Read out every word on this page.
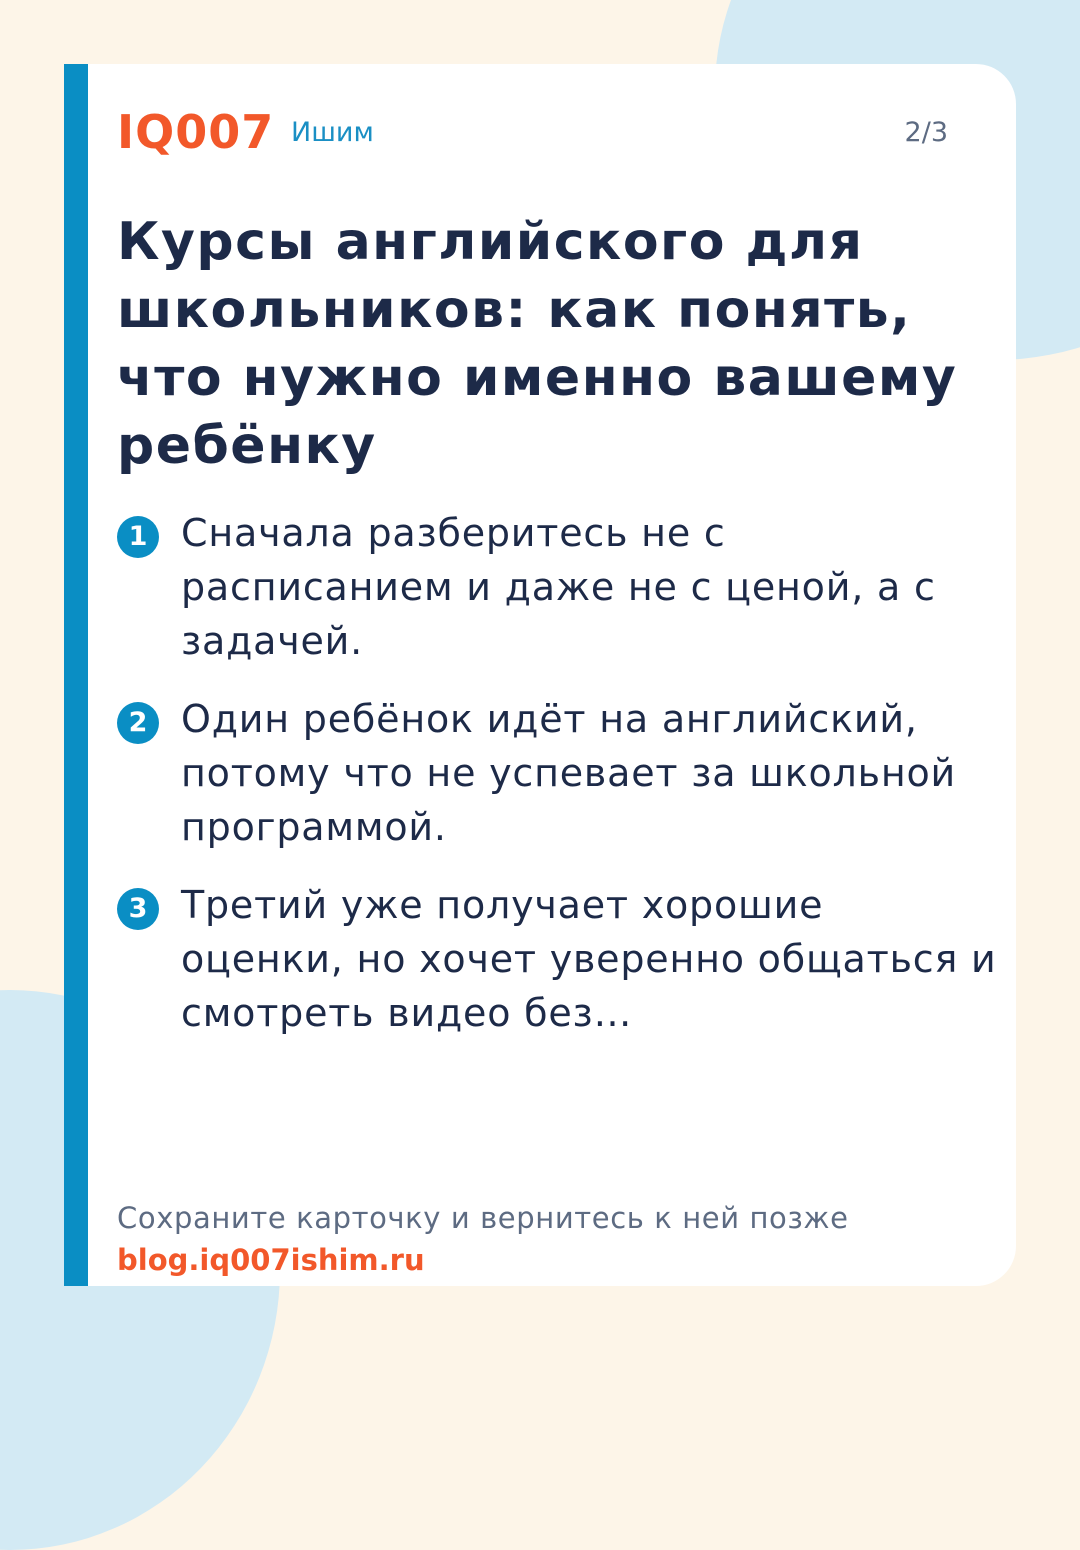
IQ007 Ишим	2/3
Курсы английского для школьников: как понять, что нужно именно вашему ребёнку
1 Сначала разберитесь не с расписанием и даже не с ценой, а с задачей.
2 Один ребёнок идёт на английский, потому что не успевает за школьной программой.
3 Третий уже получает хорошие оценки, но хочет уверенно общаться и смотреть видео без…
Сохраните карточку и вернитесь к ней позже
blog.iq007ishim.ru
